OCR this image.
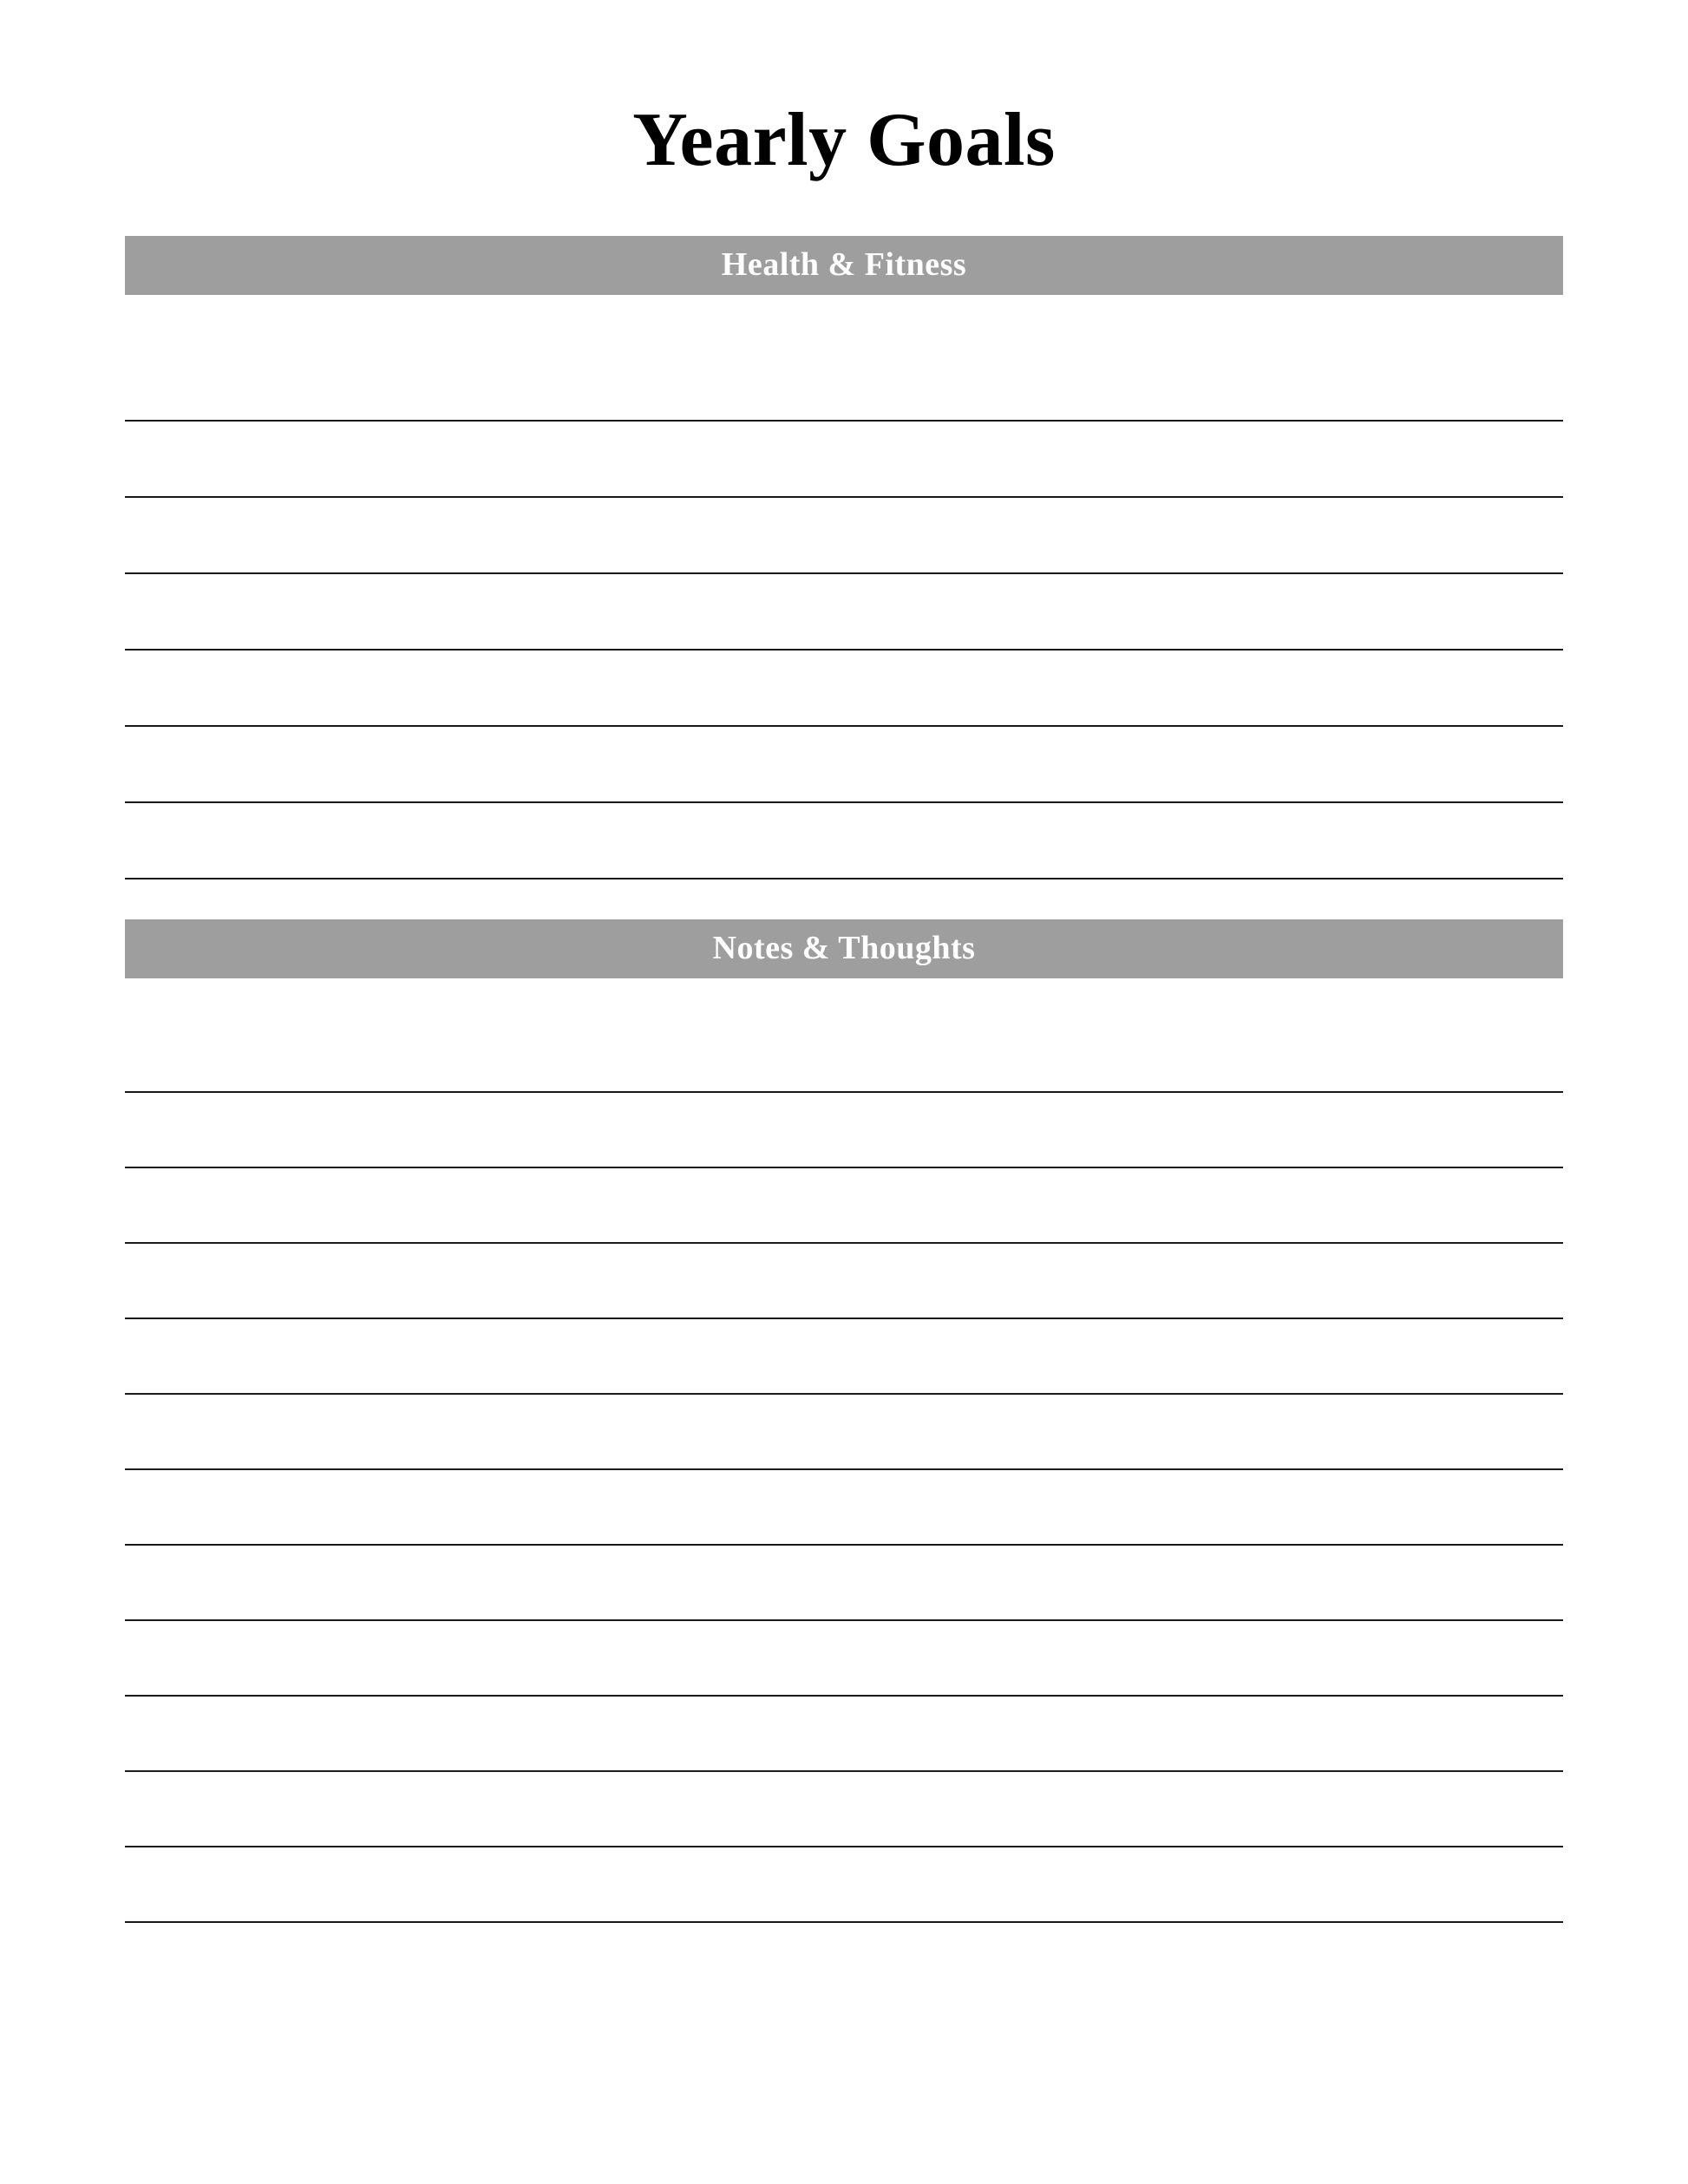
Yearly Goals
Health & Fitness
Notes & Thoughts
